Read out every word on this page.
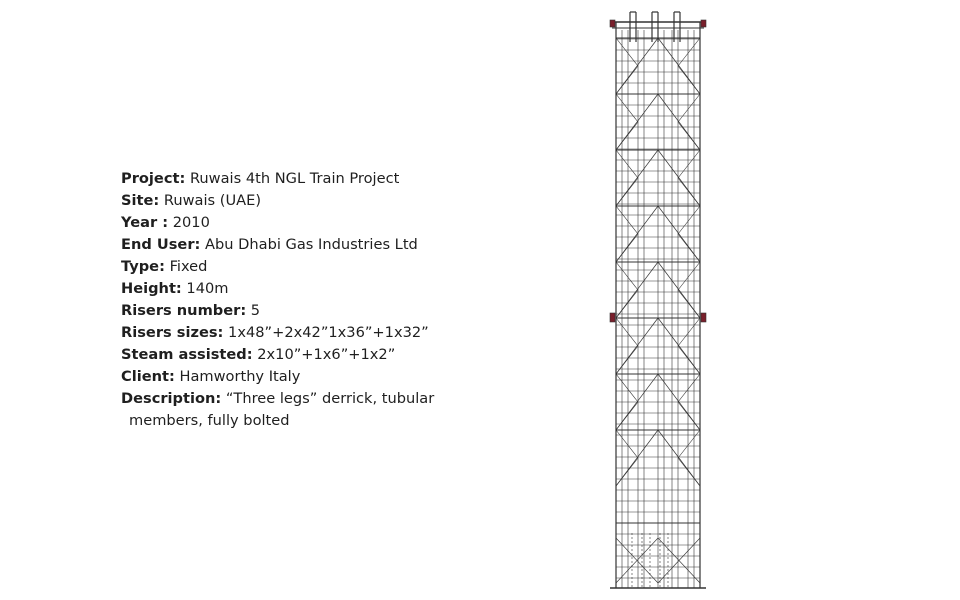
Project: Ruwais 4th NGL Train Project
Site: Ruwais (UAE)
Year : 2010
End User: Abu Dhabi Gas Industries Ltd
Type: Fixed
Height: 140m
Risers number: 5
Risers sizes: 1x48”+2x42”1x36”+1x32”
Steam assisted: 2x10”+1x6”+1x2”
Client: Hamworthy Italy
Description: “Three legs” derrick, tubular
members, fully bolted
